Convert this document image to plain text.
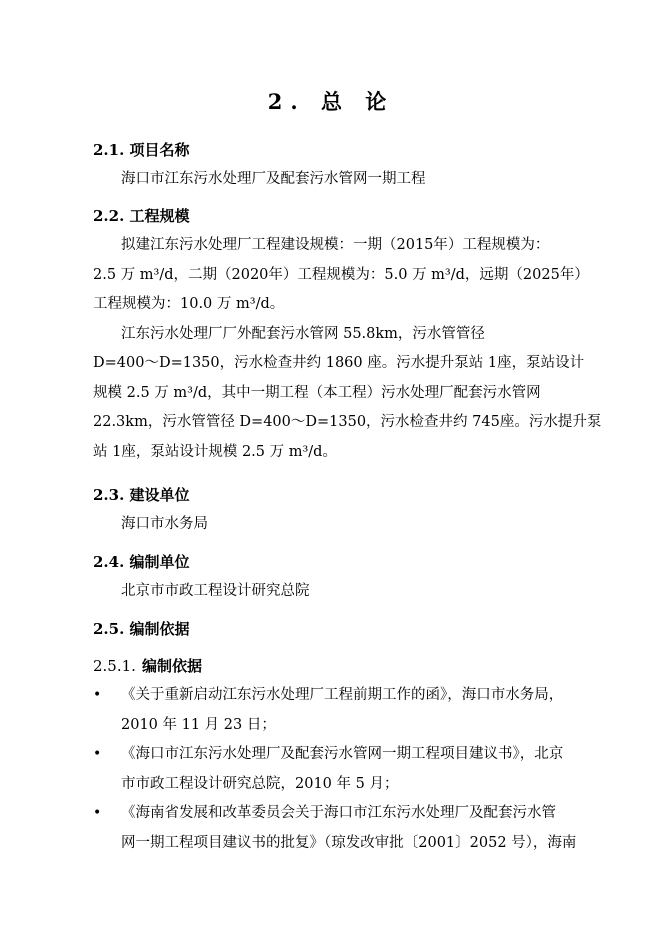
2. 总 论
2.1. 项目名称

海口市江东污水处理厂及配套污水管网一期工程

2.2. 工程规模

拟建江东污水处理厂工程建设规模：一期（2015年）工程规模为：

2.5 万 m³/d，二期（2020年）工程规模为：5.0 万 m³/d，远期（2025年）

工程规模为：10.0 万 m³/d。

江东污水处理厂厂外配套污水管网 55.8km，污水管管径

D=400～D=1350，污水检查井约 1860 座。污水提升泵站 1座，泵站设计

规模 2.5 万 m³/d，其中一期工程（本工程）污水处理厂配套污水管网

22.3km，污水管管径 D=400～D=1350，污水检查井约 745座。污水提升泵

站 1座，泵站设计规模 2.5 万 m³/d。

2.3. 建设单位

海口市水务局

2.4. 编制单位

北京市市政工程设计研究总院

2.5. 编制依据
2.5.1. 编制依据
• 《关于重新启动江东污水处理厂工程前期工作的函》，海口市水务局，

2010 年 11 月 23 日；

• 《海口市江东污水处理厂及配套污水管网一期工程项目建议书》，北京

市市政工程设计研究总院，2010 年 5 月；

• 《海南省发展和改革委员会关于海口市江东污水处理厂及配套污水管

网一期工程项目建议书的批复》（琼发改审批〔2001〕2052 号），海南
